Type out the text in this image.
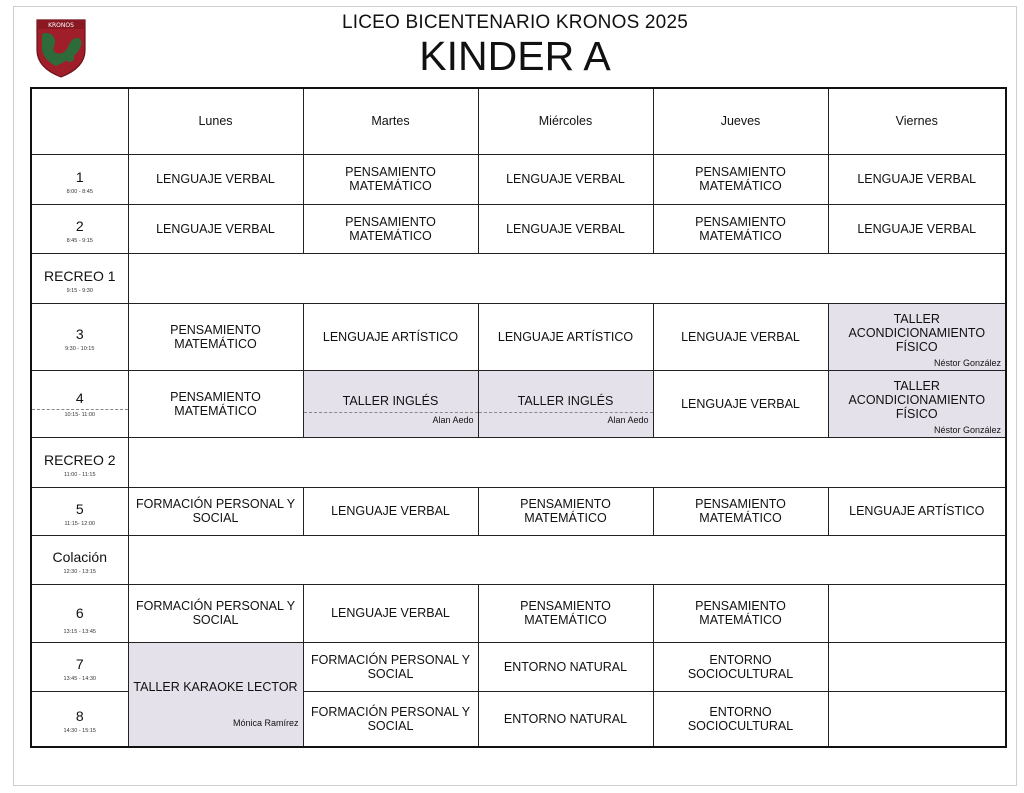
KRONOS	LICEO BICENTENARIO KRONOS 2025
KINDER A
	Lunes	Martes	Miércoles	Jueves	Viernes

1
8:00 - 8:45	LENGUAJE VERBAL	PENSAMIENTO MATEMÁTICO	LENGUAJE VERBAL	PENSAMIENTO MATEMÁTICO	LENGUAJE VERBAL

2
8:45 - 9:15	LENGUAJE VERBAL	PENSAMIENTO MATEMÁTICO	LENGUAJE VERBAL	PENSAMIENTO MATEMÁTICO	LENGUAJE VERBAL

RECREO 1
9:15 - 9:30					

3
9:30 - 10:15	PENSAMIENTO MATEMÁTICO	LENGUAJE ARTÍSTICO	LENGUAJE ARTÍSTICO	LENGUAJE VERBAL	TALLER ACONDICIONAMIENTO FÍSICO
Néstor González

4
10:15- 11:00	PENSAMIENTO MATEMÁTICO	TALLER INGLÉS
Alan Aedo	TALLER INGLÉS
Alan Aedo	LENGUAJE VERBAL	TALLER ACONDICIONAMIENTO FÍSICO
Néstor González

RECREO 2
11:00 - 11:15					

5
11:15- 12:00	FORMACIÓN PERSONAL Y SOCIAL	LENGUAJE VERBAL	PENSAMIENTO MATEMÁTICO	PENSAMIENTO MATEMÁTICO	LENGUAJE ARTÍSTICO

Colación
12:30 - 13:15					

6
13:15 - 13:45	FORMACIÓN PERSONAL Y SOCIAL	LENGUAJE VERBAL	PENSAMIENTO MATEMÁTICO	PENSAMIENTO MATEMÁTICO	

7
13:45 - 14:30	TALLER KARAOKE LECTOR
Mónica Ramírez	FORMACIÓN PERSONAL Y SOCIAL	ENTORNO NATURAL	ENTORNO SOCIOCULTURAL	

8
14:30 - 15:15		FORMACIÓN PERSONAL Y SOCIAL	ENTORNO NATURAL	ENTORNO SOCIOCULTURAL	
